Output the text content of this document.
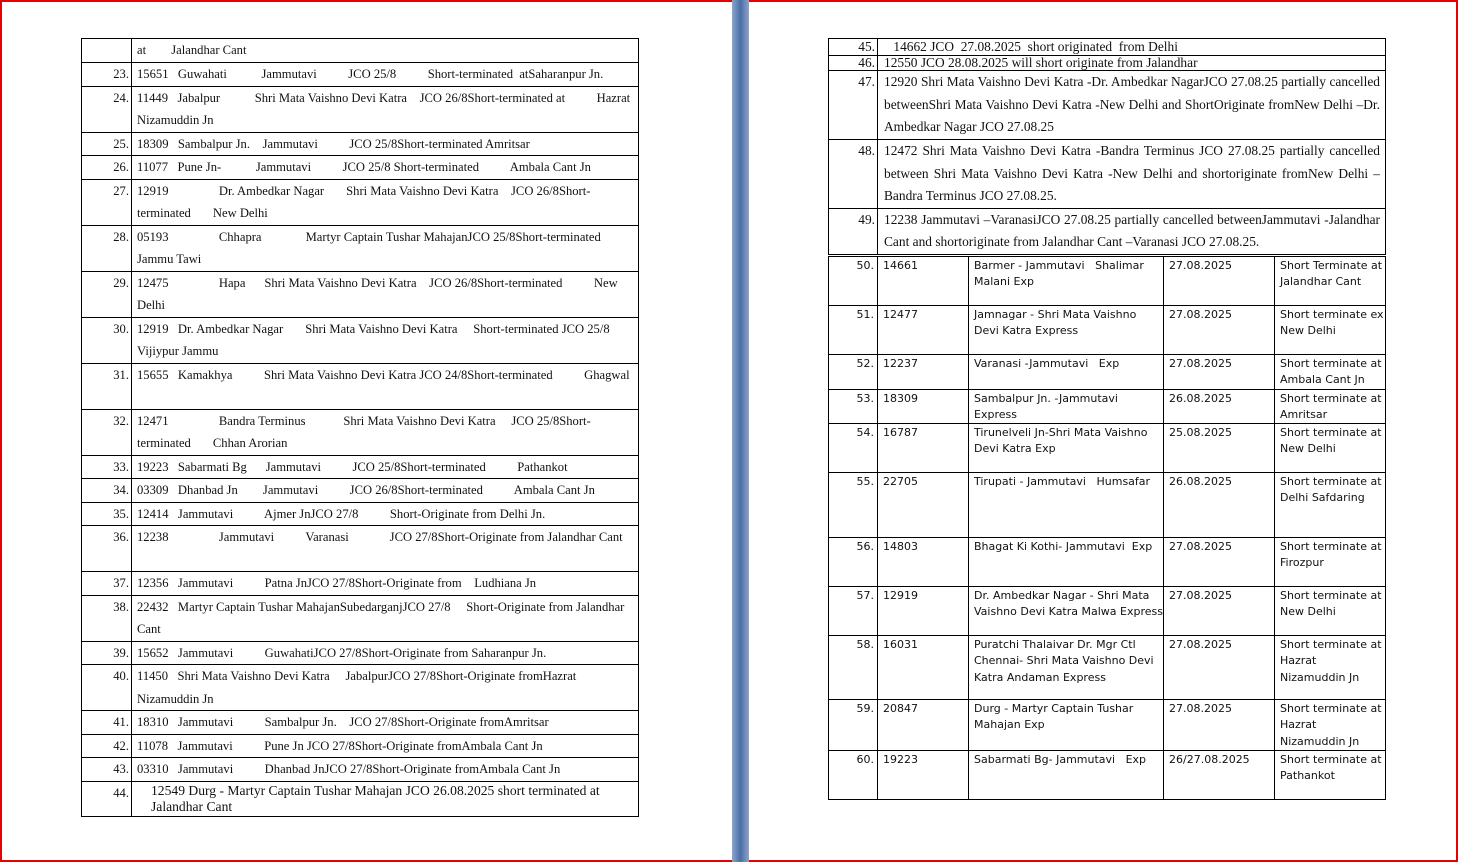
	at        Jalandhar Cant
23.	15651   Guwahati           Jammutavi          JCO 25/8          Short-terminated  atSaharanpur Jn.
24.	11449   Jabalpur           Shri Mata Vaishno Devi Katra    JCO 26/8Short-terminated at          Hazrat Nizamuddin Jn
25.	18309   Sambalpur Jn.    Jammutavi          JCO 25/8Short-terminated Amritsar
26.	11077   Pune Jn-           Jammutavi          JCO 25/8 Short-terminated          Ambala Cant Jn
27.	12919                Dr. Ambedkar Nagar       Shri Mata Vaishno Devi Katra    JCO 26/8Short-terminated       New Delhi
28.	05193                Chhapra              Martyr Captain Tushar MahajanJCO 25/8Short-terminated Jammu Tawi
29.	12475                Hapa      Shri Mata Vaishno Devi Katra    JCO 26/8Short-terminated          New Delhi
30.	12919   Dr. Ambedkar Nagar       Shri Mata Vaishno Devi Katra     Short-terminated JCO 25/8                    Vijiypur Jammu
31.	15655   Kamakhya          Shri Mata Vaishno Devi Katra JCO 24/8Short-terminated          Ghagwal
32.	12471                Bandra Terminus            Shri Mata Vaishno Devi Katra     JCO 25/8Short-terminated       Chhan Arorian
33.	19223   Sabarmati Bg      Jammutavi          JCO 25/8Short-terminated          Pathankot
34.	03309   Dhanbad Jn        Jammutavi          JCO 26/8Short-terminated          Ambala Cant Jn
35.	12414   Jammutavi          Ajmer JnJCO 27/8          Short-Originate from Delhi Jn.
36.	12238                Jammutavi          Varanasi             JCO 27/8Short-Originate from Jalandhar Cant
37.	12356   Jammutavi          Patna JnJCO 27/8Short-Originate from    Ludhiana Jn
38.	22432   Martyr Captain Tushar MahajanSubedarganjJCO 27/8     Short-Originate from Jalandhar Cant
39.	15652   Jammutavi          GuwahatiJCO 27/8Short-Originate from Saharanpur Jn.
40.	11450   Shri Mata Vaishno Devi Katra     JabalpurJCO 27/8Short-Originate fromHazrat Nizamuddin Jn
41.	18310   Jammutavi          Sambalpur Jn.    JCO 27/8Short-Originate fromAmritsar
42.	11078   Jammutavi          Pune Jn JCO 27/8Short-Originate fromAmbala Cant Jn
43.	03310   Jammutavi          Dhanbad JnJCO 27/8Short-Originate fromAmbala Cant Jn
44.	12549 Durg - Martyr Captain Tushar Mahajan JCO 26.08.2025 short terminated at Jalandhar Cant
45.	14662 JCO  27.08.2025  short originated  from Delhi
46.	12550 JCO 28.08.2025 will short originate from Jalandhar
47.	12920 Shri Mata Vaishno Devi Katra -Dr. Ambedkar NagarJCO 27.08.25 partially cancelled betweenShri Mata Vaishno Devi Katra -New Delhi and ShortOriginate fromNew Delhi –Dr. Ambedkar Nagar JCO 27.08.25
48.	12472 Shri Mata Vaishno Devi Katra -Bandra Terminus JCO 27.08.25 partially cancelled between Shri Mata Vaishno Devi Katra -New Delhi and shortoriginate fromNew Delhi – Bandra Terminus JCO 27.08.25.
49.	12238 Jammutavi –VaranasiJCO 27.08.25 partially cancelled betweenJammutavi -Jalandhar Cant and shortoriginate from Jalandhar Cant –Varanasi JCO 27.08.25.
50.	14661	Barmer - Jammutavi   Shalimar Malani Exp	27.08.2025	Short Terminate at Jalandhar Cant
51.	12477	Jamnagar - Shri Mata Vaishno Devi Katra Express	27.08.2025	Short terminate ex New Delhi
52.	12237	Varanasi -Jammutavi   Exp	27.08.2025	Short terminate at Ambala Cant Jn
53.	18309	Sambalpur Jn. -Jammutavi Express	26.08.2025	Short terminate at Amritsar
54.	16787	Tirunelveli Jn-Shri Mata Vaishno Devi Katra Exp	25.08.2025	Short terminate at New Delhi
55.	22705	Tirupati - Jammutavi   Humsafar	26.08.2025	Short terminate at Delhi Safdaring
56.	14803	Bhagat Ki Kothi- Jammutavi  Exp	27.08.2025	Short terminate at Firozpur
57.	12919	Dr. Ambedkar Nagar - Shri Mata Vaishno Devi Katra Malwa Express	27.08.2025	Short terminate at New Delhi
58.	16031	Puratchi Thalaivar Dr. Mgr Ctl Chennai- Shri Mata Vaishno Devi Katra Andaman Express	27.08.2025	Short terminate at Hazrat Nizamuddin Jn
59.	20847	Durg - Martyr Captain Tushar Mahajan Exp	27.08.2025	Short terminate at Hazrat Nizamuddin Jn
60.	19223	Sabarmati Bg- Jammutavi   Exp	26/27.08.2025	Short terminate at Pathankot
